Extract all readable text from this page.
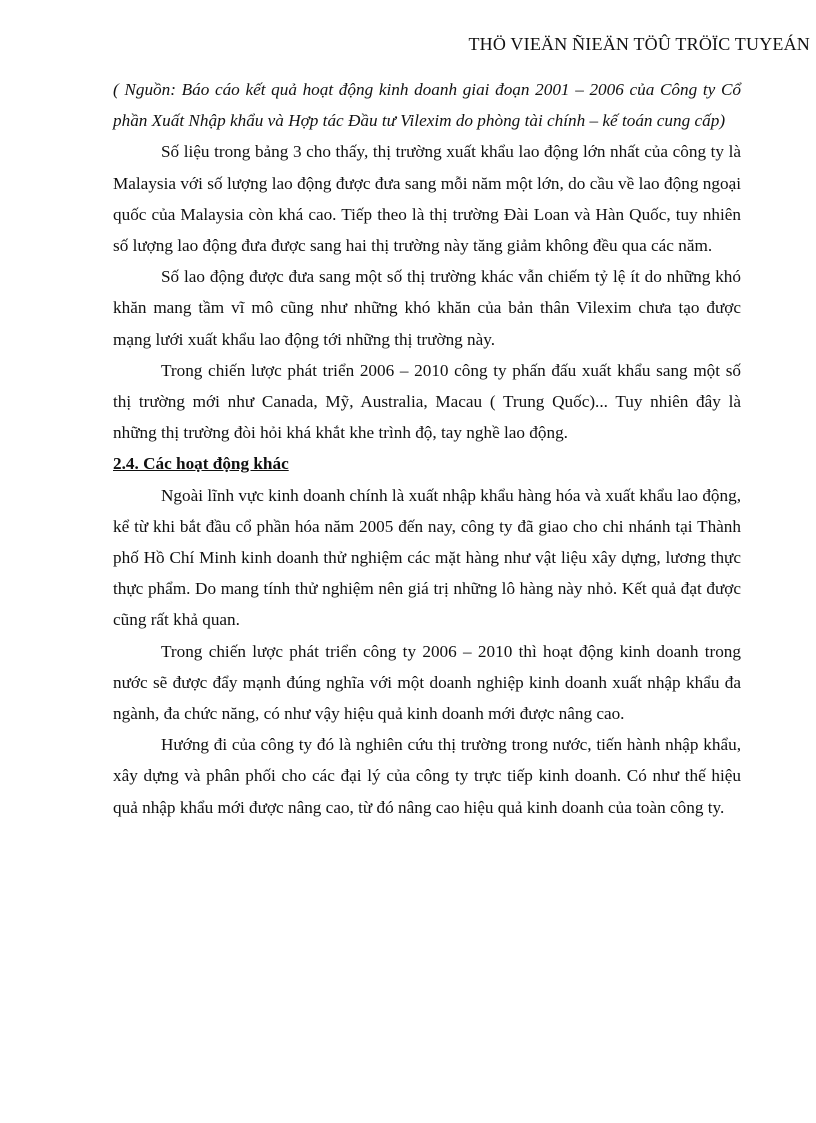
THÖ VIEÄN ÑIEÄN TÖÛ TRÖÏC TUYEÁN

( Nguồn: Báo cáo kết quả hoạt động kinh doanh giai đoạn 2001 – 2006 của Công ty Cổ phần Xuất Nhập khẩu và Hợp tác Đầu tư Vilexim do phòng tài chính – kế toán cung cấp)

Số liệu trong bảng 3 cho thấy, thị trường xuất khẩu lao động lớn nhất của công ty là Malaysia với số lượng lao động được đưa sang mỗi năm một lớn, do cầu về lao động ngoại quốc của Malaysia còn khá cao. Tiếp theo là thị trường Đài Loan và Hàn Quốc, tuy nhiên số lượng lao động đưa được sang hai thị trường này tăng giảm không đều qua các năm.

Số lao động được đưa sang một số thị trường khác vẫn chiếm tỷ lệ ít do những khó khăn mang tầm vĩ mô cũng như những khó khăn của bản thân Vilexim chưa tạo được mạng lưới xuất khẩu lao động tới những thị trường này.

Trong chiến lược phát triển 2006 – 2010 công ty phấn đấu xuất khẩu sang một số thị trường mới như Canada, Mỹ, Australia, Macau ( Trung Quốc)... Tuy nhiên đây là những thị trường đòi hỏi khá khắt khe trình độ, tay nghề lao động.

2.4. Các hoạt động khác

Ngoài lĩnh vực kinh doanh chính là xuất nhập khẩu hàng hóa và xuất khẩu lao động, kể từ khi bắt đầu cổ phần hóa năm 2005 đến nay, công ty đã giao cho chi nhánh tại Thành phố Hồ Chí Minh kinh doanh thử nghiệm các mặt hàng như vật liệu xây dựng, lương thực thực phẩm. Do mang tính thử nghiệm nên giá trị những lô hàng này nhỏ. Kết quả đạt được cũng rất khả quan.

Trong chiến lược phát triển công ty 2006 – 2010 thì hoạt động kinh doanh trong nước sẽ được đẩy mạnh đúng nghĩa với một doanh nghiệp kinh doanh xuất nhập khẩu đa ngành, đa chức năng, có như vậy hiệu quả kinh doanh mới được nâng cao.

Hướng đi của công ty đó là nghiên cứu thị trường trong nước, tiến hành nhập khẩu, xây dựng và phân phối cho các đại lý của công ty trực tiếp kinh doanh. Có như thế hiệu quả nhập khẩu mới được nâng cao, từ đó nâng cao hiệu quả kinh doanh của toàn công ty.
